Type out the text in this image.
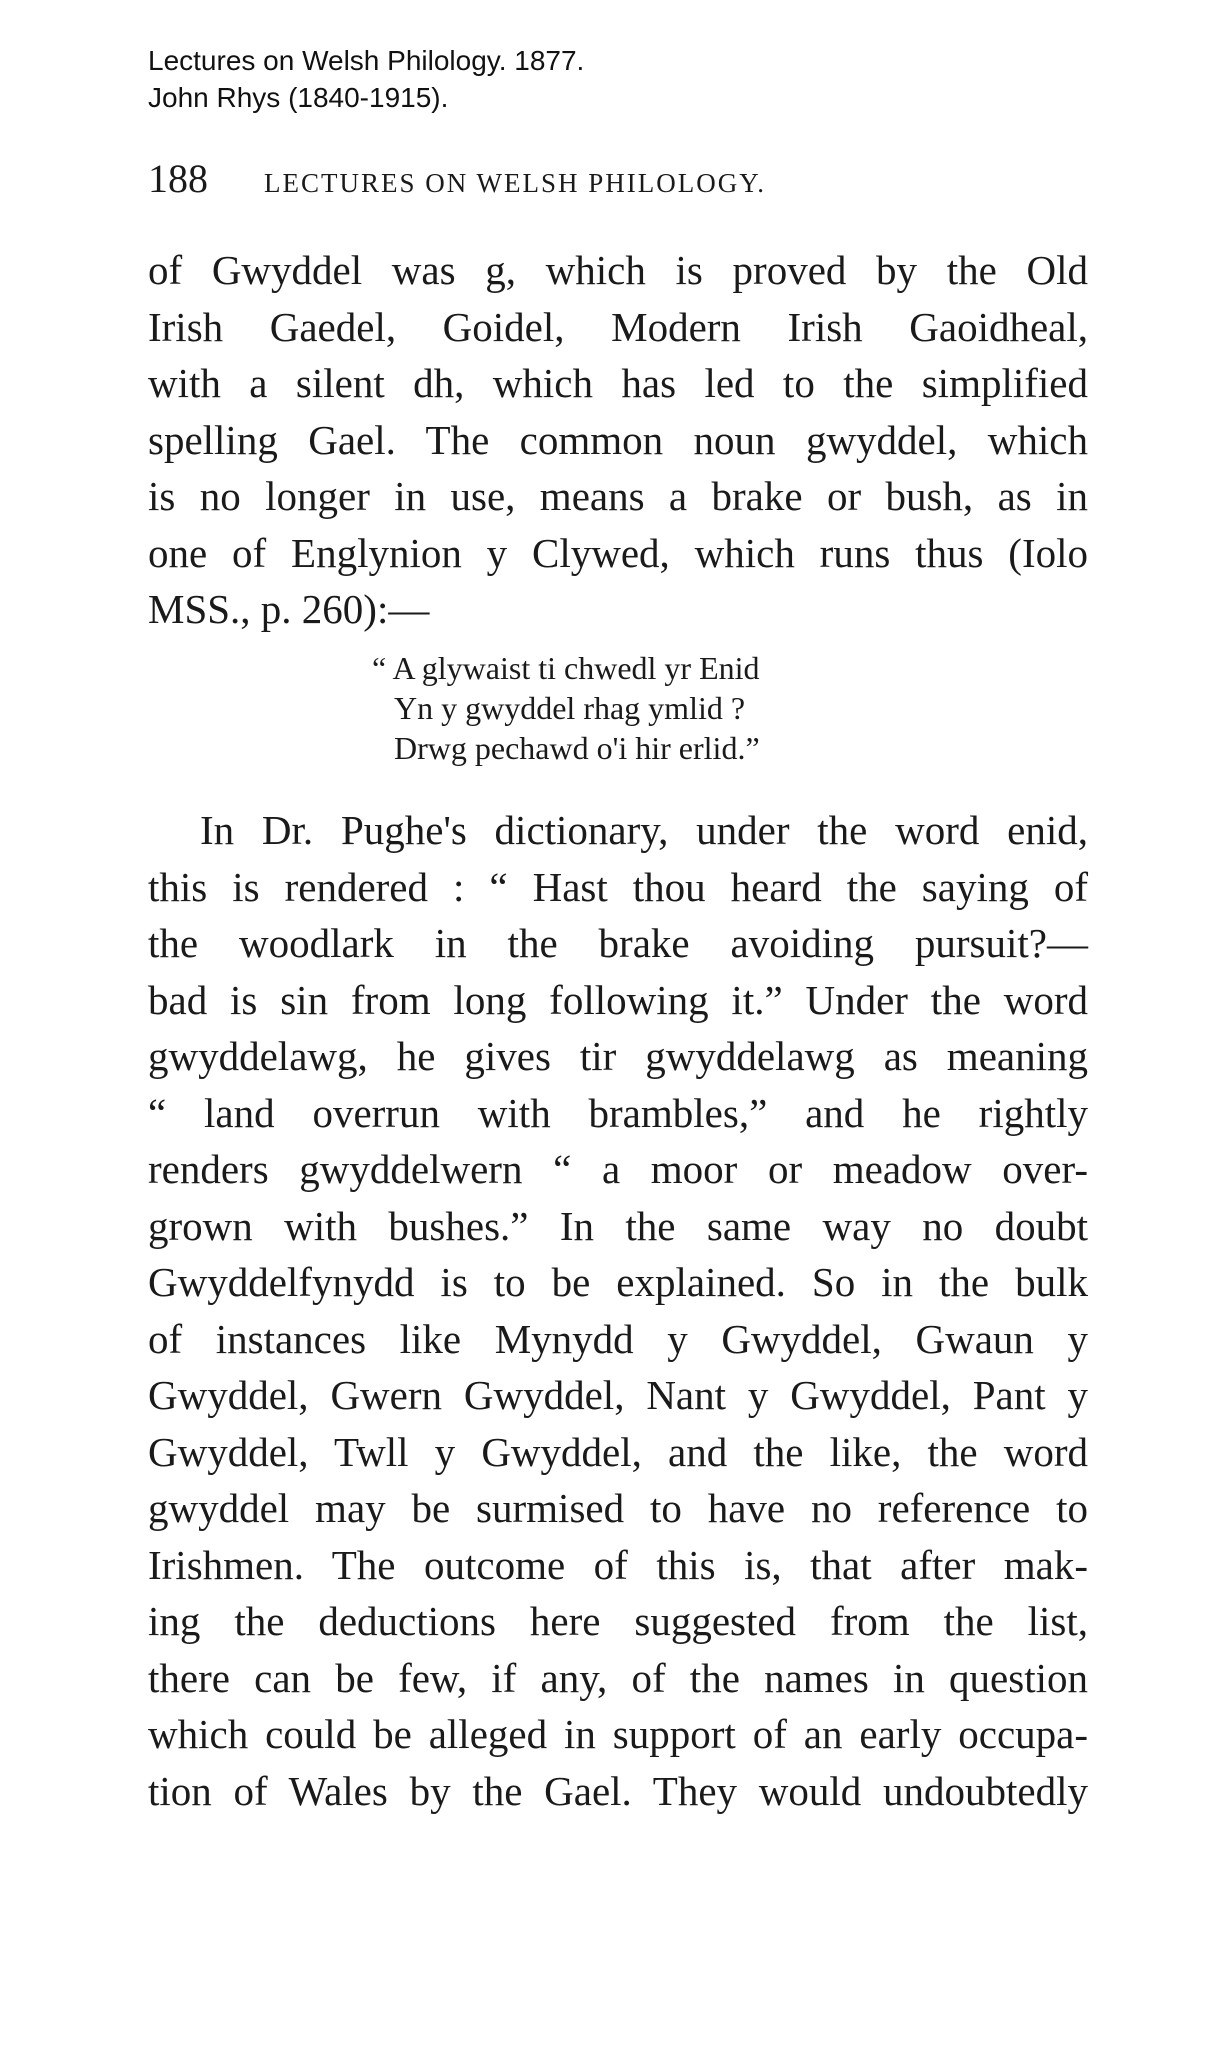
Lectures on Welsh Philology. 1877.
John Rhys (1840-1915).
188 LECTURES ON WELSH PHILOLOGY.
of Gwyddel was g, which is proved by the Old
Irish Gaedel, Goidel, Modern Irish Gaoidheal,
with a silent dh, which has led to the simplified
spelling Gael. The common noun gwyddel, which
is no longer in use, means a brake or bush, as in
one of Englynion y Clywed, which runs thus (Iolo
MSS., p. 260):—
“ A glywaist ti chwedl yr Enid
Yn y gwyddel rhag ymlid ?
Drwg pechawd o'i hir erlid.”
In Dr. Pughe's dictionary, under the word enid,
this is rendered : “ Hast thou heard the saying of
the woodlark in the brake avoiding pursuit?—
bad is sin from long following it.” Under the word
gwyddelawg, he gives tir gwyddelawg as meaning
“ land overrun with brambles,” and he rightly
renders gwyddelwern “ a moor or meadow over-
grown with bushes.” In the same way no doubt
Gwyddelfynydd is to be explained. So in the bulk
of instances like Mynydd y Gwyddel, Gwaun y
Gwyddel, Gwern Gwyddel, Nant y Gwyddel, Pant y
Gwyddel, Twll y Gwyddel, and the like, the word
gwyddel may be surmised to have no reference to
Irishmen. The outcome of this is, that after mak-
ing the deductions here suggested from the list,
there can be few, if any, of the names in question
which could be alleged in support of an early occupa-
tion of Wales by the Gael. They would undoubtedly
